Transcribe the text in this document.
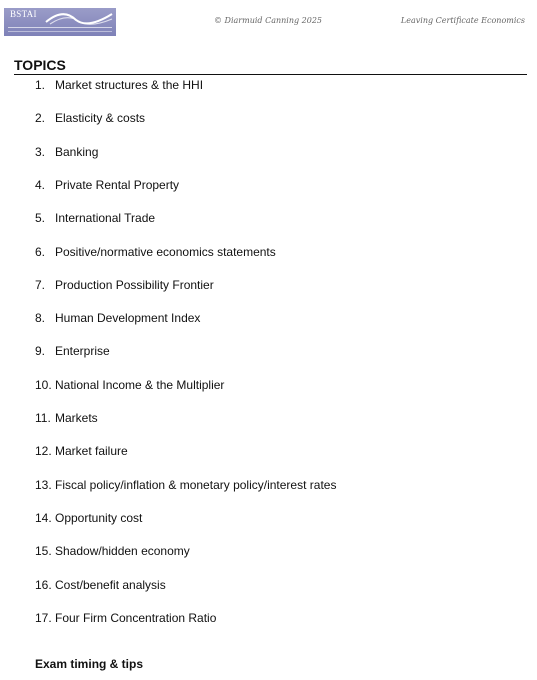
BSTAI
© Diarmuid Canning 2025	Leaving Certificate Economics
TOPICS
1. Market structures & the HHI
2. Elasticity & costs
3. Banking
4. Private Rental Property
5. International Trade
6. Positive/normative economics statements
7. Production Possibility Frontier
8. Human Development Index
9. Enterprise
10. National Income & the Multiplier
11. Markets
12. Market failure
13. Fiscal policy/inflation & monetary policy/interest rates
14. Opportunity cost
15. Shadow/hidden economy
16. Cost/benefit analysis
17. Four Firm Concentration Ratio
Exam timing & tips
